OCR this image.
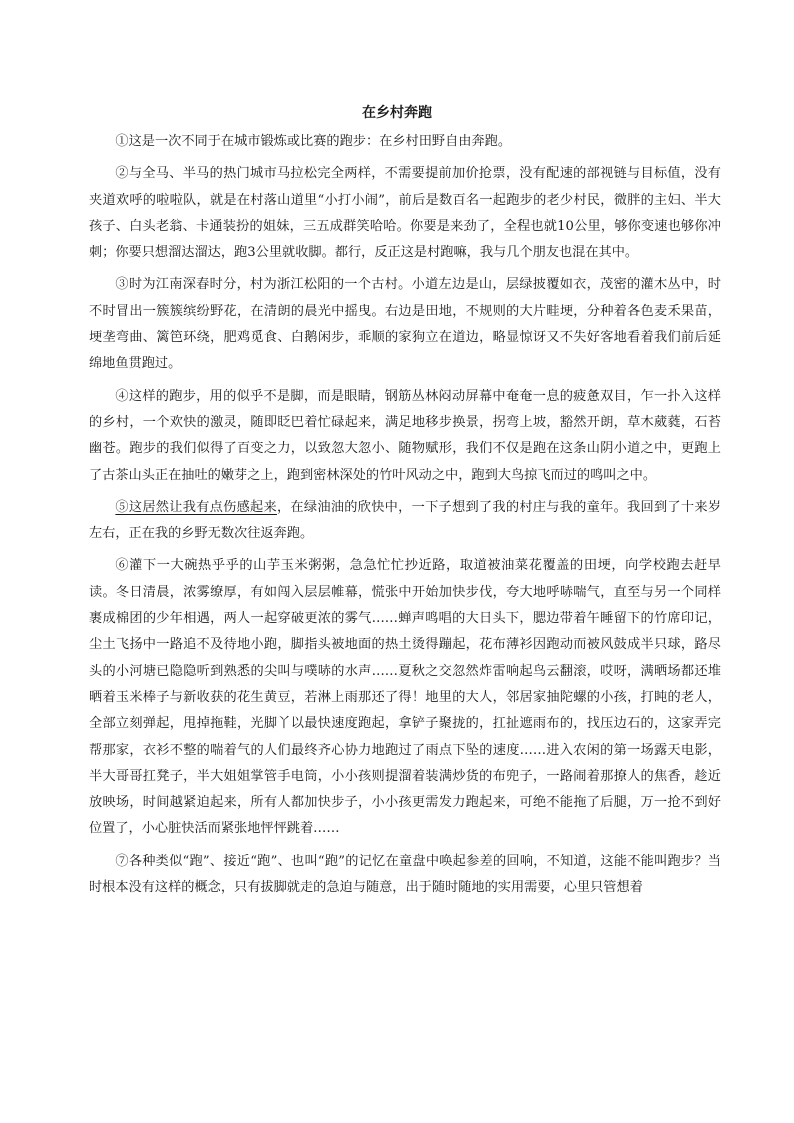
在乡村奔跑

①这是一次不同于在城市锻炼或比赛的跑步：在乡村田野自由奔跑。

②与全马、半马的热门城市马拉松完全两样，不需要提前加价抢票，没有配速的部视链与目标值，没有夹道欢呼的啦啦队，就是在村落山道里“小打小闹”，前后是数百名一起跑步的老少村民，微胖的主妇、半大孩子、白头老翁、卡通装扮的姐妹，三五成群笑哈哈。你要是来劲了，全程也就10公里，够你变速也够你冲刺；你要只想溜达溜达，跑3公里就收脚。都行，反正这是村跑嘛，我与几个朋友也混在其中。

③时为江南深春时分，村为浙江松阳的一个古村。小道左边是山，层绿披覆如衣，茂密的灌木丛中，时不时冒出一簇簇缤纷野花，在清朗的晨光中摇曳。右边是田地，不规则的大片畦埂，分种着各色麦禾果苗，埂垄弯曲、篱笆环绕，肥鸡觅食、白鹅闲步，乖顺的家狗立在道边，略显惊讶又不失好客地看着我们前后延绵地鱼贯跑过。

④这样的跑步，用的似乎不是脚，而是眼睛，钢筋丛林闷动屏幕中奄奄一息的疲惫双目，乍一扑入这样的乡村，一个欢快的激灵，随即眨巴着忙碌起来，满足地移步换景，拐弯上坡，豁然开朗，草木葳蕤，石苔幽苍。跑步的我们似得了百变之力，以致忽大忽小、随物赋形，我们不仅是跑在这条山阴小道之中，更跑上了古茶山头正在抽吐的嫩芽之上，跑到密林深处的竹叶风动之中，跑到大鸟掠飞而过的鸣叫之中。

⑤这居然让我有点伤感起来，在绿油油的欣快中，一下子想到了我的村庄与我的童年。我回到了十来岁左右，正在我的乡野无数次往返奔跑。

⑥灌下一大碗热乎乎的山芋玉米粥粥，急急忙忙抄近路，取道被油菜花覆盖的田埂，向学校跑去赶早读。冬日清晨，浓雾缭厚，有如闯入层层帷幕，慌张中开始加快步伐，夸大地呼哧喘气，直至与另一个同样裹成棉团的少年相遇，两人一起穿破更浓的雾气……蝉声鸣唱的大日头下，腮边带着午睡留下的竹席印记，尘土飞扬中一路追不及待地小跑，脚指头被地面的热土烫得蹦起，花布薄衫因跑动而被风鼓成半只球，路尽头的小河塘已隐隐听到熟悉的尖叫与噗哧的水声……夏秋之交忽然炸雷响起鸟云翻滚，哎呀，满晒场都还堆晒着玉米棒子与新收获的花生黄豆，若淋上雨那还了得！地里的大人，邻居家抽陀螺的小孩，打盹的老人，全部立刻弹起，甩掉拖鞋，光脚丫以最快速度跑起，拿铲子聚拢的，扛扯遮雨布的，找压边石的，这家弄完帮那家，衣衫不整的喘着气的人们最终齐心协力地跑过了雨点下坠的速度……进入农闲的第一场露天电影，半大哥哥扛凳子，半大姐姐掌管手电筒，小小孩则提溜着装满炒货的布兜子，一路闹着那撩人的焦香，趁近放映场，时间越紧迫起来，所有人都加快步子，小小孩更需发力跑起来，可绝不能拖了后腿，万一抢不到好位置了，小心脏快活而紧张地怦怦跳着……

⑦各种类似“跑”、接近“跑”、也叫“跑”的记忆在童盘中唤起参差的回响，不知道，这能不能叫跑步？当时根本没有这样的概念，只有拔脚就走的急迫与随意，出于随时随地的实用需要，心里只管想着
